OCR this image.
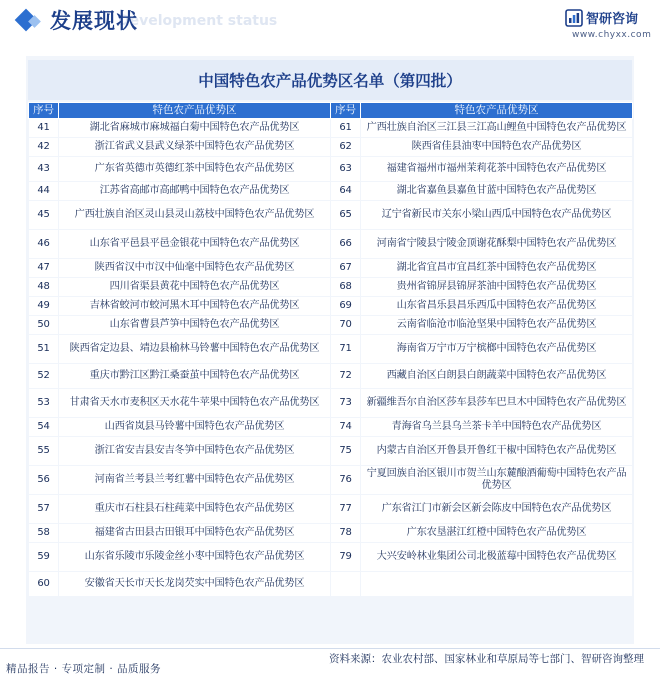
Development status
发展现状	智研咨询
www.chyxx.com
中国特色农产品优势区名单（第四批）
序号	特色农产品优势区	序号	特色农产品优势区
41	湖北省麻城市麻城福白菊中国特色农产品优势区	61	广西壮族自治区三江县三江高山鲤鱼中国特色农产品优势区
42	浙江省武义县武义绿茶中国特色农产品优势区	62	陕西省佳县油枣中国特色农产品优势区
43	广东省英德市英德红茶中国特色农产品优势区	63	福建省福州市福州茉莉花茶中国特色农产品优势区
44	江苏省高邮市高邮鸭中国特色农产品优势区	64	湖北省嘉鱼县嘉鱼甘蓝中国特色农产品优势区
45	广西壮族自治区灵山县灵山荔枝中国特色农产品优势区	65	辽宁省新民市关东小梁山西瓜中国特色农产品优势区
46	山东省平邑县平邑金银花中国特色农产品优势区	66	河南省宁陵县宁陵金顶谢花酥梨中国特色农产品优势区
47	陕西省汉中市汉中仙毫中国特色农产品优势区	67	湖北省宜昌市宜昌红茶中国特色农产品优势区
48	四川省渠县黄花中国特色农产品优势区	68	贵州省锦屏县锦屏茶油中国特色农产品优势区
49	吉林省蛟河市蛟河黑木耳中国特色农产品优势区	69	山东省昌乐县昌乐西瓜中国特色农产品优势区
50	山东省曹县芦笋中国特色农产品优势区	70	云南省临沧市临沧坚果中国特色农产品优势区
51	陕西省定边县、靖边县榆林马铃薯中国特色农产品优势区	71	海南省万宁市万宁槟榔中国特色农产品优势区
52	重庆市黔江区黔江桑蚕茧中国特色农产品优势区	72	西藏自治区白朗县白朗蔬菜中国特色农产品优势区
53	甘肃省天水市麦积区天水花牛苹果中国特色农产品优势区	73	新疆维吾尔自治区莎车县莎车巴旦木中国特色农产品优势区
54	山西省岚县马铃薯中国特色农产品优势区	74	青海省乌兰县乌兰茶卡羊中国特色农产品优势区
55	浙江省安吉县安吉冬笋中国特色农产品优势区	75	内蒙古自治区开鲁县开鲁红干椒中国特色农产品优势区
56	河南省兰考县兰考红薯中国特色农产品优势区	76	宁夏回族自治区银川市贺兰山东麓酿酒葡萄中国特色农产品优势区
57	重庆市石柱县石柱莼菜中国特色农产品优势区	77	广东省江门市新会区新会陈皮中国特色农产品优势区
58	福建省古田县古田银耳中国特色农产品优势区	78	广东农垦湛江红橙中国特色农产品优势区
59	山东省乐陵市乐陵金丝小枣中国特色农产品优势区	79	大兴安岭林业集团公司北极蓝莓中国特色农产品优势区
60	安徽省天长市天长龙岗芡实中国特色农产品优势区		
资料来源：农业农村部、国家林业和草原局等七部门、智研咨询整理
精品报告 · 专项定制 · 品质服务
